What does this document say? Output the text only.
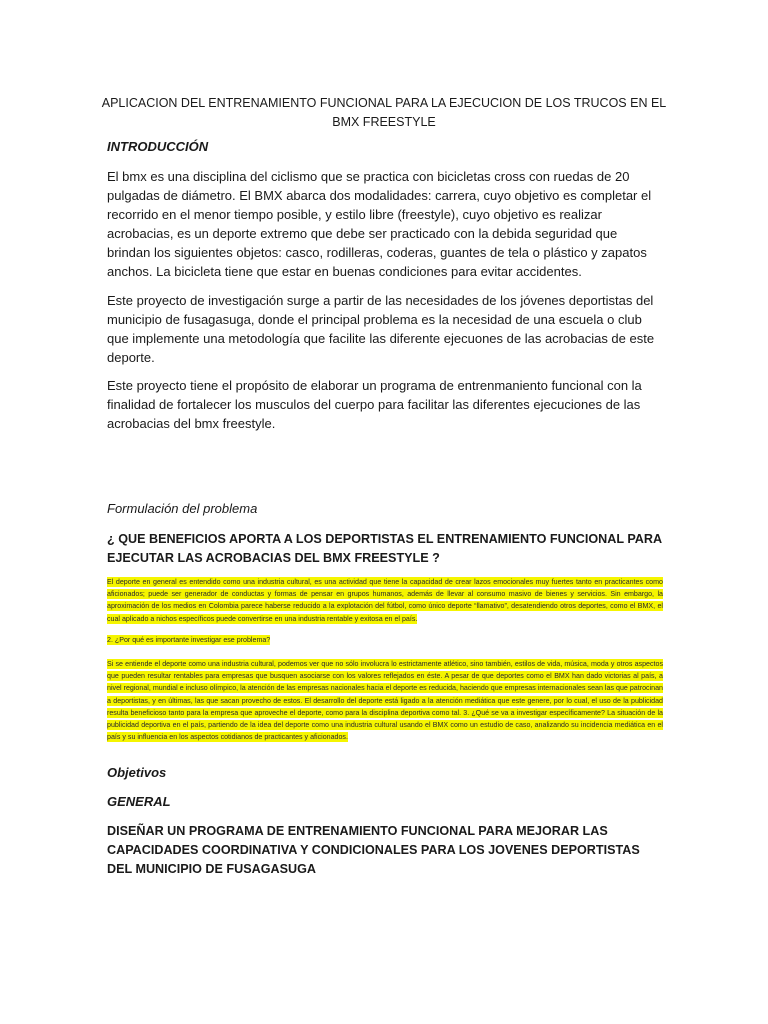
APLICACION DEL ENTRENAMIENTO FUNCIONAL PARA LA EJECUCION DE LOS TRUCOS EN EL BMX FREESTYLE
INTRODUCCIÓN
El bmx es una disciplina del ciclismo que se practica con bicicletas cross con ruedas de 20 pulgadas de diámetro. El BMX abarca dos modalidades: carrera, cuyo objetivo es completar el recorrido en el menor tiempo posible, y estilo libre (freestyle), cuyo objetivo es realizar acrobacias, es un deporte extremo que debe ser practicado con la debida seguridad que brindan los siguientes objetos: casco, rodilleras, coderas, guantes de tela o plástico y zapatos anchos. La bicicleta tiene que estar en buenas condiciones para evitar accidentes.
Este proyecto de investigación surge a partir de las necesidades de los jóvenes deportistas del municipio de fusagasuga, donde el principal problema es la necesidad de una escuela o club que implemente una metodología que facilite las diferente ejecuones de las acrobacias de este deporte.
Este proyecto tiene el propósito de elaborar un programa de entrenmaniento funcional con la finalidad de fortalecer los musculos del cuerpo para facilitar las diferentes ejecuciones de las acrobacias del bmx freestyle.
Formulación del problema
¿ QUE BENEFICIOS APORTA A LOS DEPORTISTAS EL ENTRENAMIENTO FUNCIONAL PARA EJECUTAR LAS ACROBACIAS DEL BMX FREESTYLE ?
El deporte en general es entendido como una industria cultural, es una actividad que tiene la capacidad de crear lazos emocionales muy fuertes tanto en practicantes como aficionados; puede ser generador de conductas y formas de pensar en grupos humanos, además de llevar al consumo masivo de bienes y servicios. Sin embargo, la aproximación de los medios en Colombia parece haberse reducido a la explotación del fútbol, como único deporte “llamativo”, desatendiendo otros deportes, como el BMX, el cual aplicado a nichos específicos puede convertirse en una industria rentable y exitosa en el país.
2. ¿Por qué es importante investigar ese problema?
Si se entiende el deporte como una industria cultural, podemos ver que no sólo involucra lo estrictamente atlético, sino también, estilos de vida, música, moda y otros aspectos que pueden resultar rentables para empresas que busquen asociarse con los valores reflejados en éste. A pesar de que deportes como el BMX han dado victorias al país, a nivel regional, mundial e incluso olímpico, la atención de las empresas nacionales hacia el deporte es reducida, haciendo que empresas internacionales sean las que patrocinan a deportistas, y en últimas, las que sacan provecho de estos. El desarrollo del deporte está ligado a la atención mediática que este genere, por lo cual, el uso de la publicidad resulta beneficioso tanto para la empresa que aproveche el deporte, como para la disciplina deportiva como tal. 3. ¿Qué se va a investigar específicamente? La situación de la publicidad deportiva en el país, partiendo de la idea del deporte como una industria cultural usando el BMX como un estudio de caso, analizando su incidencia mediática en el país y su influencia en los aspectos cotidianos de practicantes y aficionados.
Objetivos
GENERAL
DISEÑAR UN PROGRAMA DE ENTRENAMIENTO FUNCIONAL PARA MEJORAR LAS CAPACIDADES COORDINATIVA Y CONDICIONALES PARA LOS JOVENES DEPORTISTAS DEL MUNICIPIO DE FUSAGASUGA
